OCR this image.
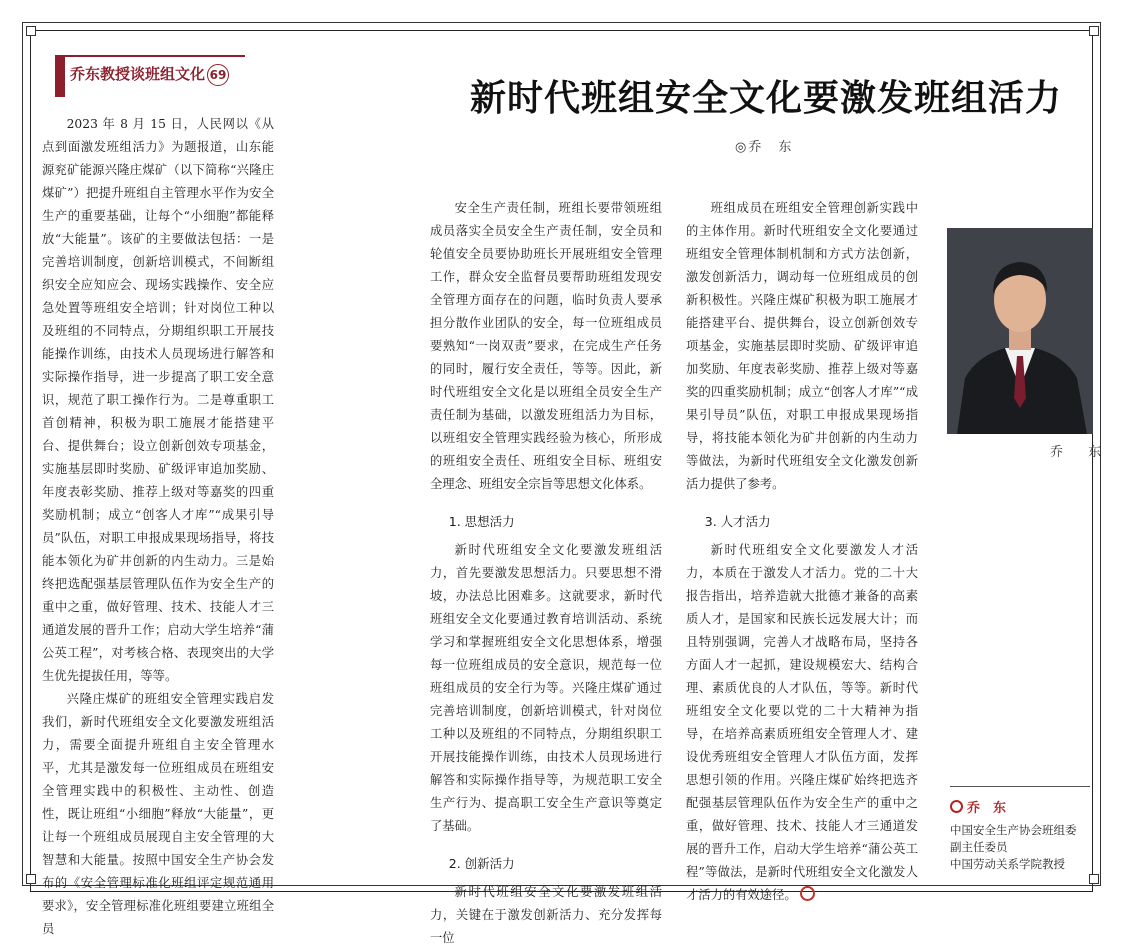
乔东教授谈班组文化 69
新时代班组安全文化要激发班组活力
◎乔　东

2023 年 8 月 15 日，人民网以《从点到面激发班组活力》为题报道，山东能源兖矿能源兴隆庄煤矿（以下简称“兴隆庄煤矿”）把提升班组自主管理水平作为安全生产的重要基础，让每个“小细胞”都能释放“大能量”。该矿的主要做法包括：一是完善培训制度，创新培训模式，不间断组织安全应知应会、现场实践操作、安全应急处置等班组安全培训；针对岗位工种以及班组的不同特点，分期组织职工开展技能操作训练，由技术人员现场进行解答和实际操作指导，进一步提高了职工安全意识，规范了职工操作行为。二是尊重职工首创精神，积极为职工施展才能搭建平台、提供舞台；设立创新创效专项基金，实施基层即时奖励、矿级评审追加奖励、年度表彰奖励、推荐上级对等嘉奖的四重奖励机制；成立“创客人才库”“成果引导员”队伍，对职工申报成果现场指导，将技能本领化为矿井创新的内生动力。三是始终把选配强基层管理队伍作为安全生产的重中之重，做好管理、技术、技能人才三通道发展的晋升工作；启动大学生培养“蒲公英工程”，对考核合格、表现突出的大学生优先提拔任用，等等。

兴隆庄煤矿的班组安全管理实践启发我们，新时代班组安全文化要激发班组活力，需要全面提升班组自主安全管理水平，尤其是激发每一位班组成员在班组安全管理实践中的积极性、主动性、创造性，既让班组“小细胞”释放“大能量”，更让每一个班组成员展现自主安全管理的大智慧和大能量。按照中国安全生产协会发布的《安全管理标准化班组评定规范通用要求》，安全管理标准化班组要建立班组全员

安全生产责任制，班组长要带领班组成员落实全员安全生产责任制，安全员和轮值安全员要协助班长开展班组安全管理工作，群众安全监督员要帮助班组发现安全管理方面存在的问题，临时负责人要承担分散作业团队的安全，每一位班组成员要熟知“一岗双责”要求，在完成生产任务的同时，履行安全责任，等等。因此，新时代班组安全文化是以班组全员安全生产责任制为基础，以激发班组活力为目标，以班组安全管理实践经验为核心，所形成的班组安全责任、班组安全目标、班组安全理念、班组安全宗旨等思想文化体系。

1. 思想活力

新时代班组安全文化要激发班组活力，首先要激发思想活力。只要思想不滑坡，办法总比困难多。这就要求，新时代班组安全文化要通过教育培训活动、系统学习和掌握班组安全文化思想体系，增强每一位班组成员的安全意识，规范每一位班组成员的安全行为等。兴隆庄煤矿通过完善培训制度，创新培训模式，针对岗位工种以及班组的不同特点，分期组织职工开展技能操作训练，由技术人员现场进行解答和实际操作指导等，为规范职工安全生产行为、提高职工安全生产意识等奠定了基础。

2. 创新活力

新时代班组安全文化要激发班组活力，关键在于激发创新活力、充分发挥每一位

班组成员在班组安全管理创新实践中的主体作用。新时代班组安全文化要通过班组安全管理体制机制和方式方法创新，激发创新活力，调动每一位班组成员的创新积极性。兴隆庄煤矿积极为职工施展才能搭建平台、提供舞台，设立创新创效专项基金，实施基层即时奖励、矿级评审追加奖励、年度表彰奖励、推荐上级对等嘉奖的四重奖励机制；成立“创客人才库”“成果引导员”队伍，对职工申报成果现场指导，将技能本领化为矿井创新的内生动力等做法，为新时代班组安全文化激发创新活力提供了参考。

3. 人才活力

新时代班组安全文化要激发人才活力，本质在于激发人才活力。党的二十大报告指出，培养造就大批德才兼备的高素质人才，是国家和民族长远发展大计；而且特别强调，完善人才战略布局，坚持各方面人才一起抓，建设规模宏大、结构合理、素质优良的人才队伍，等等。新时代班组安全文化要以党的二十大精神为指导，在培养高素质班组安全管理人才、建设优秀班组安全管理人才队伍方面，发挥思想引领的作用。兴隆庄煤矿始终把选齐配强基层管理队伍作为安全生产的重中之重，做好管理、技术、技能人才三通道发展的晋升工作，启动大学生培养“蒲公英工程”等做法，是新时代班组安全文化激发人才活力的有效途径。

乔　东
乔　东
中国安全生产协会班组委
副主任委员
中国劳动关系学院教授
